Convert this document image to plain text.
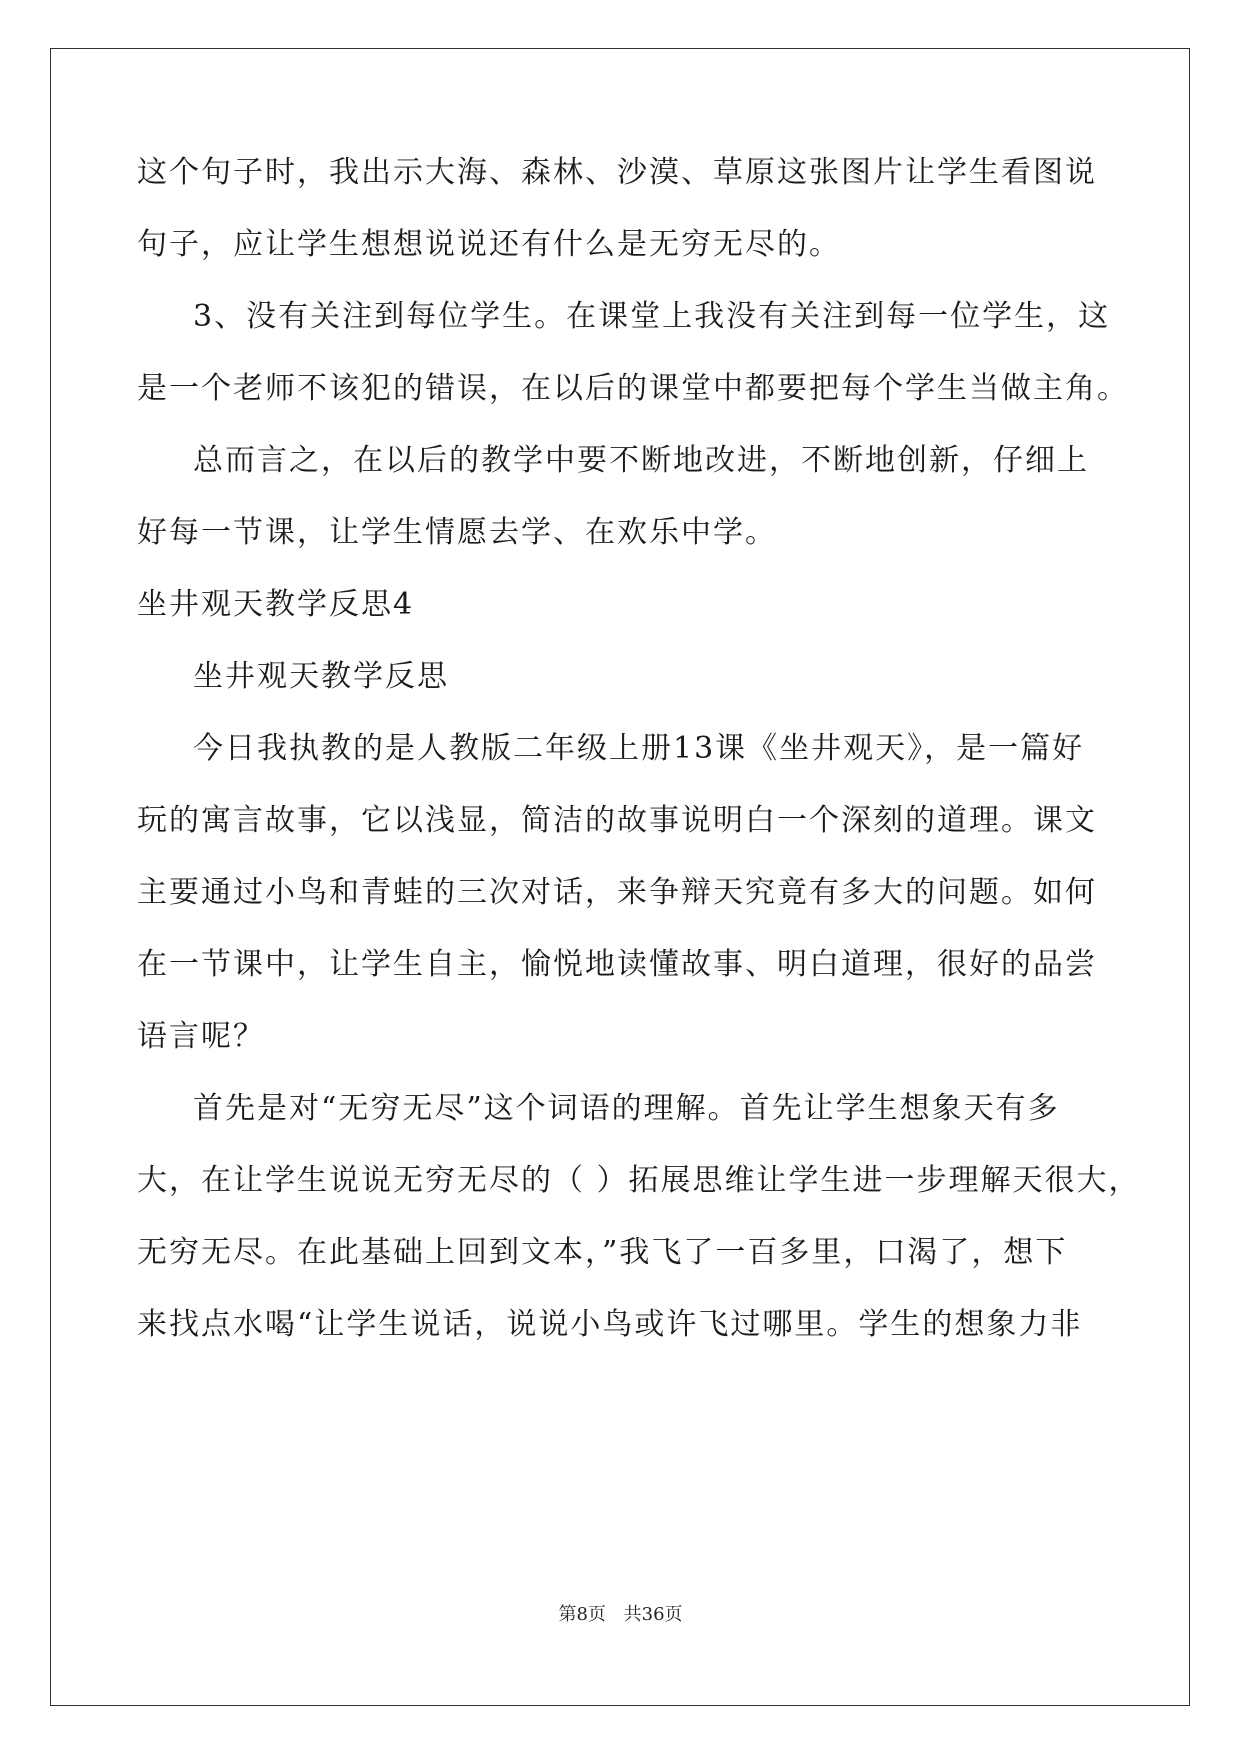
这个句子时，我出示大海、森林、沙漠、草原这张图片让学生看图说
句子，应让学生想想说说还有什么是无穷无尽的。
3、没有关注到每位学生。在课堂上我没有关注到每一位学生，这
是一个老师不该犯的错误，在以后的课堂中都要把每个学生当做主角。
总而言之，在以后的教学中要不断地改进，不断地创新，仔细上
好每一节课，让学生情愿去学、在欢乐中学。
坐井观天教学反思4
坐井观天教学反思
今日我执教的是人教版二年级上册13课《坐井观天》，是一篇好
玩的寓言故事，它以浅显，简洁的故事说明白一个深刻的道理。课文
主要通过小鸟和青蛙的三次对话，来争辩天究竟有多大的问题。如何
在一节课中，让学生自主，愉悦地读懂故事、明白道理，很好的品尝
语言呢？
首先是对“无穷无尽”这个词语的理解。首先让学生想象天有多
大，在让学生说说无穷无尽的（ ）拓展思维让学生进一步理解天很大，
无穷无尽。在此基础上回到文本，”我飞了一百多里，口渴了，想下
来找点水喝“让学生说话，说说小鸟或许飞过哪里。学生的想象力非
第8页 共36页
